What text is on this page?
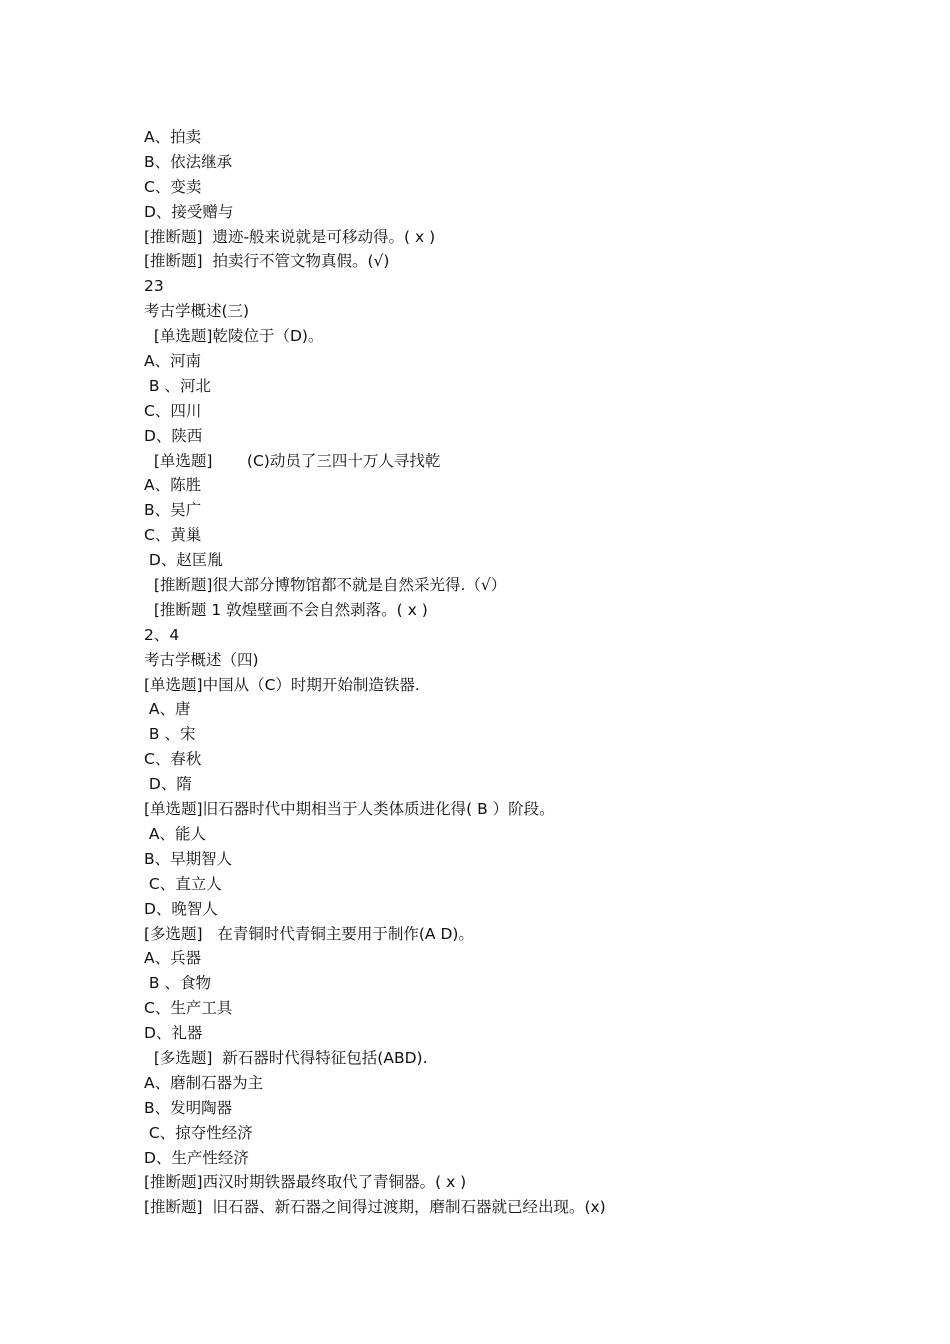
A、拍卖
B、依法继承
C、变卖
D、接受赠与
[推断题]  遗迹-般来说就是可移动得。( x )
[推断题]  拍卖行不管文物真假。(√)
23
考古学概述(三)
[单选题]乾陵位于（D)。
A、河南
B 、河北
C、四川
D、陕西
[单选题]       (C)动员了三四十万人寻找乾
A、陈胜
B、吴广
C、黄巢
D、赵匡胤
[推断题]很大部分博物馆都不就是自然采光得.（√）
[推断题 1 敦煌壁画不会自然剥落。( x )
2、4
考古学概述（四)
[单选题]中国从（C）时期开始制造铁器.
A、唐
B 、宋
C、春秋
D、隋
[单选题]旧石器时代中期相当于人类体质进化得( B ）阶段。
A、能人
B、早期智人
C、直立人
D、晚智人
[多选题]   在青铜时代青铜主要用于制作(A D)。
A、兵器
B 、食物
C、生产工具
D、礼器
[多选题]  新石器时代得特征包括(ABD).
A、磨制石器为主
B、发明陶器
C、掠夺性经济
D、生产性经济
[推断题]西汉时期铁器最终取代了青铜器。( x )
[推断题]  旧石器、新石器之间得过渡期，磨制石器就已经出现。(x)
